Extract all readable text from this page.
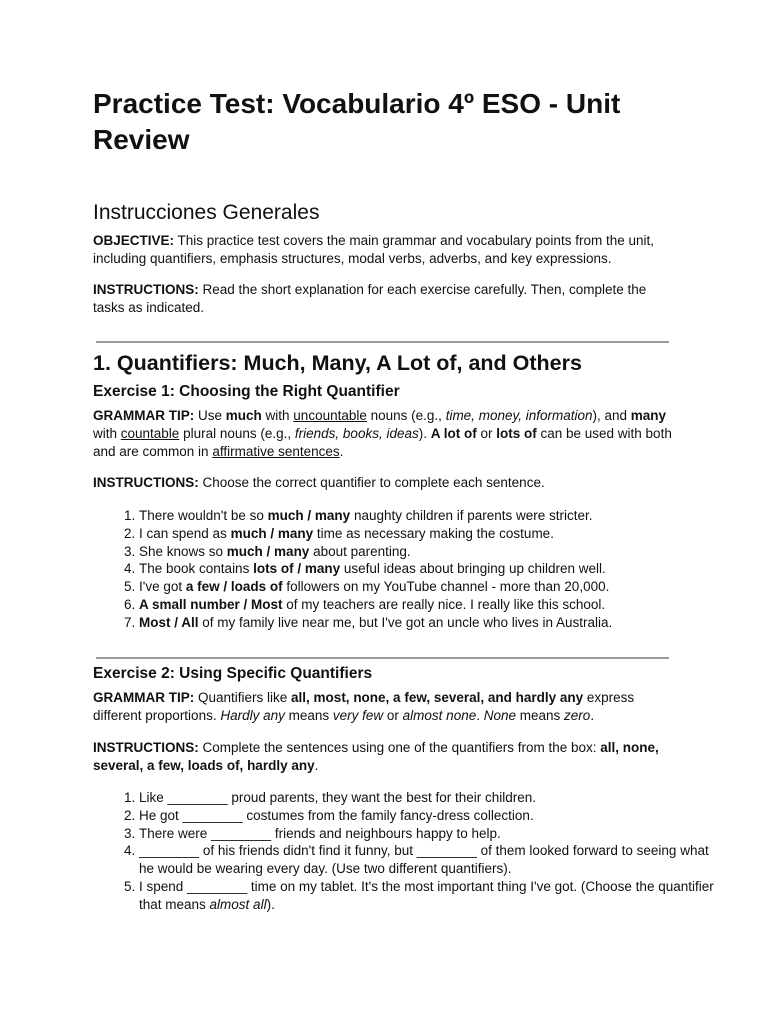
Practice Test: Vocabulario 4º ESO - Unit Review
Instrucciones Generales

OBJECTIVE: This practice test covers the main grammar and vocabulary points from the unit, including quantifiers, emphasis structures, modal verbs, adverbs, and key expressions.

INSTRUCTIONS: Read the short explanation for each exercise carefully. Then, complete the tasks as indicated.

1. Quantifiers: Much, Many, A Lot of, and Others
Exercise 1: Choosing the Right Quantifier

GRAMMAR TIP: Use much with uncountable nouns (e.g., time, money, information), and many with countable plural nouns (e.g., friends, books, ideas). A lot of or lots of can be used with both and are common in affirmative sentences.

INSTRUCTIONS: Choose the correct quantifier to complete each sentence.

1. There wouldn't be so much / many naughty children if parents were stricter.
2. I can spend as much / many time as necessary making the costume.
3. She knows so much / many about parenting.
4. The book contains lots of / many useful ideas about bringing up children well.
5. I've got a few / loads of followers on my YouTube channel - more than 20,000.
6. A small number / Most of my teachers are really nice. I really like this school.
7. Most / All of my family live near me, but I've got an uncle who lives in Australia.
Exercise 2: Using Specific Quantifiers

GRAMMAR TIP: Quantifiers like all, most, none, a few, several, and hardly any express different proportions. Hardly any means very few or almost none. None means zero.

INSTRUCTIONS: Complete the sentences using one of the quantifiers from the box: all, none, several, a few, loads of, hardly any.

1. Like ________ proud parents, they want the best for their children.
2. He got ________ costumes from the family fancy-dress collection.
3. There were ________ friends and neighbours happy to help.
4. ________ of his friends didn't find it funny, but ________ of them looked forward to seeing what he would be wearing every day. (Use two different quantifiers).
5. I spend ________ time on my tablet. It's the most important thing I've got. (Choose the quantifier that means almost all).
